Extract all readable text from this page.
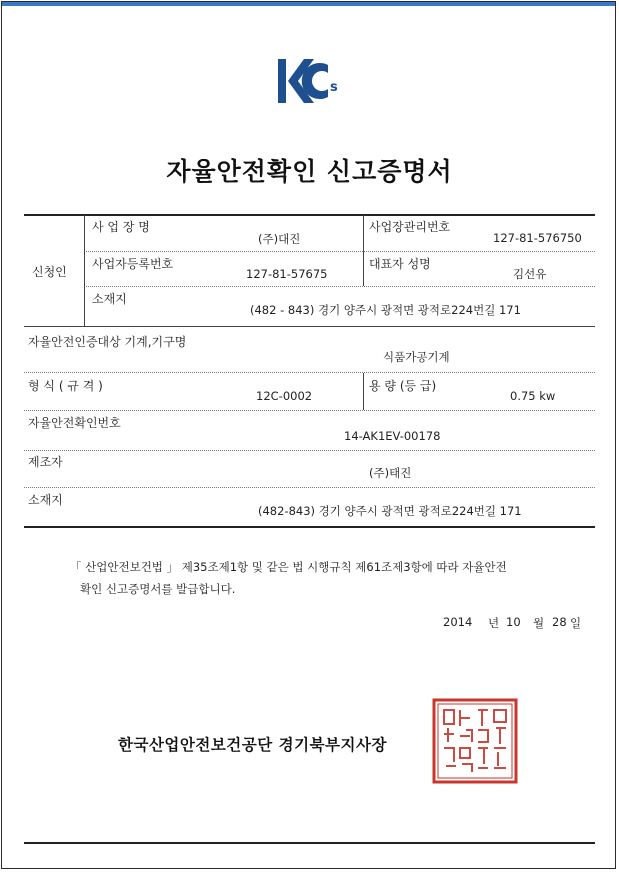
s
자율안전확인 신고증명서
신청인
사 업 장 명
(주)대진
사업장관리번호
127-81-576750
사업자등록번호
127-81-57675
대표자 성명
김선유
소재지
(482 - 843) 경기 양주시 광적면 광적로224번길 171
자율안전인증대상 기계,기구명
식품가공기계
형 식 ( 규 격 )
12C-0002
용 량 (등 급)
0.75 kw
자율안전확인번호
14-AK1EV-00178
제조자
(주)태진
소재지
(482-843) 경기 양주시 광적면 광적로224번길 171
「 산업안전보건법 」 제35조제1항 및 같은 법 시행규칙 제61조제3항에 따라 자율안전
확인 신고증명서를 발급합니다.
2014 년 10 월 28 일
한국산업안전보건공단 경기북부지사장
